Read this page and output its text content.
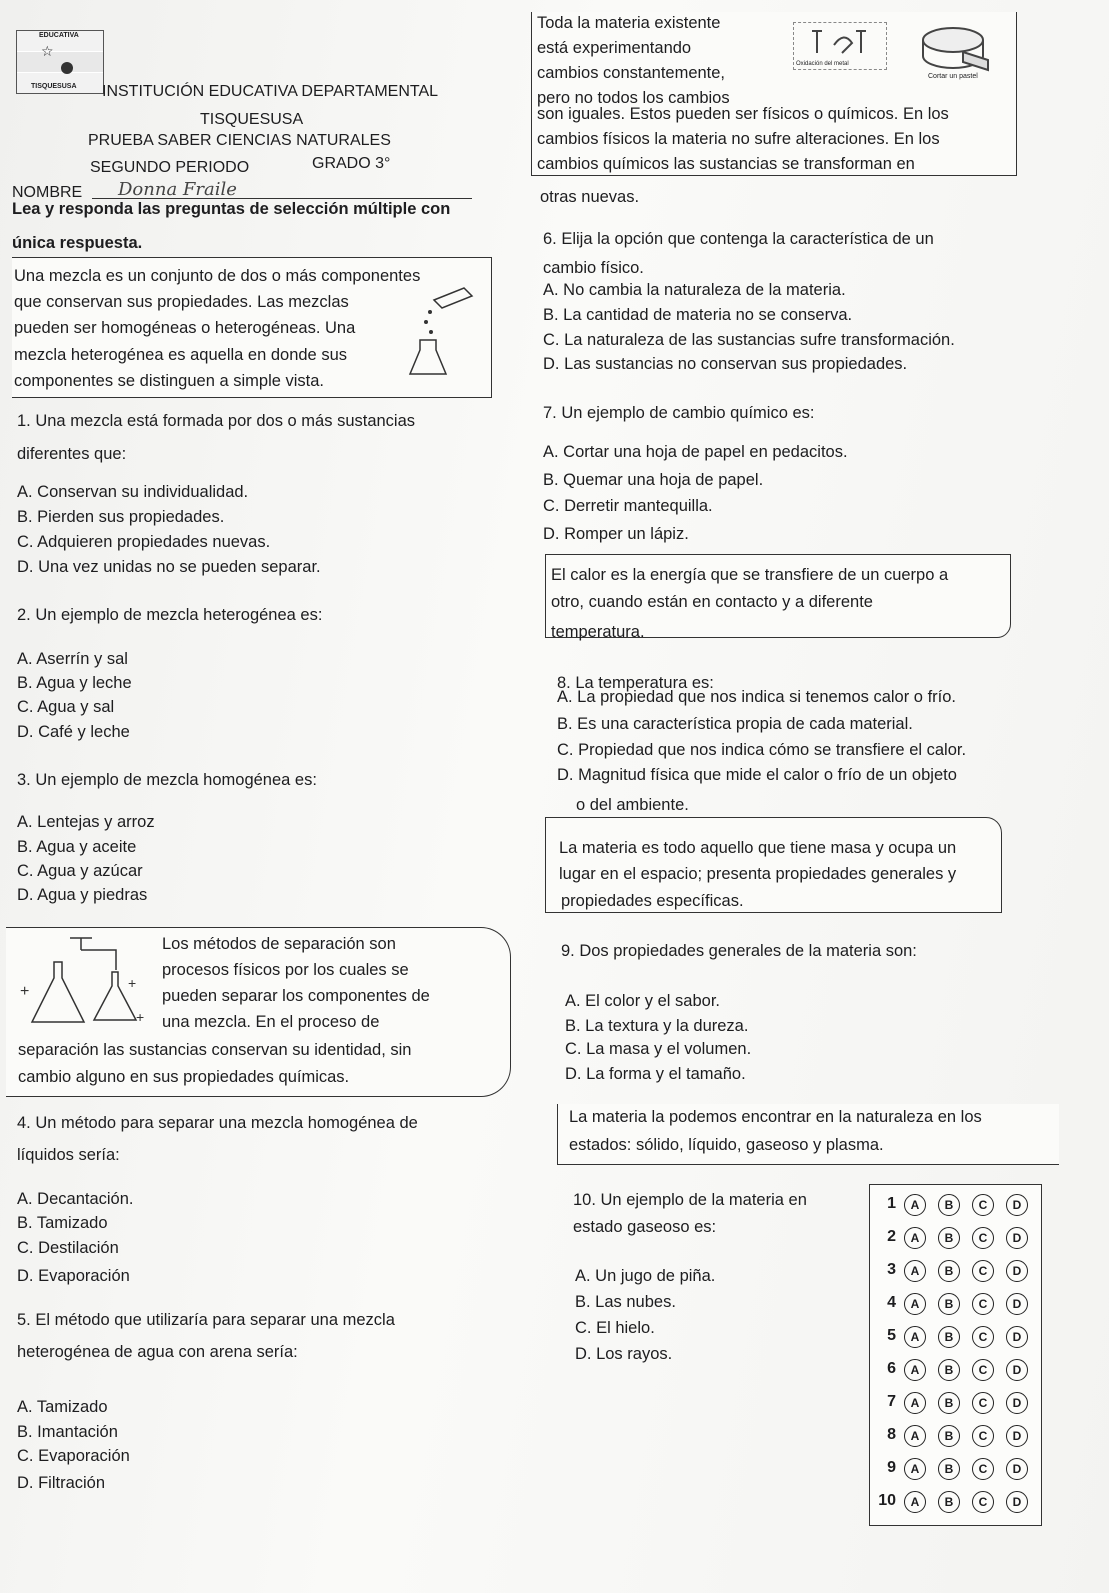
EDUCATIVA
TISQUESUSA
☆
INSTITUCIÓN EDUCATIVA DEPARTAMENTAL
TISQUESUSA
PRUEBA SABER CIENCIAS NATURALES
SEGUNDO PERIODO	GRADO 3°
NOMBRE Donna Fraile
Lea y responda las preguntas de selección múltiple con
única respuesta.
Toda la materia existente
está experimentando
cambios constantemente,
pero no todos los cambios
son iguales. Estos pueden ser físicos o químicos. En los
cambios físicos la materia no sufre alteraciones. En los
cambios químicos las sustancias se transforman en
otras nuevas.
Oxidación del metal
Cortar un pastel
Una mezcla es un conjunto de dos o más componentes
que conservan sus propiedades. Las mezclas
pueden ser homogéneas o heterogéneas. Una
mezcla heterogénea es aquella en donde sus
componentes se distinguen a simple vista.
1. Una mezcla está formada por dos o más sustancias
diferentes que:
A. Conservan su individualidad.
B. Pierden sus propiedades.
C. Adquieren propiedades nuevas.
D. Una vez unidas no se pueden separar.
2. Un ejemplo de mezcla heterogénea es:
A. Aserrín y sal
B. Agua y leche
C. Agua y sal
D. Café y leche
3. Un ejemplo de mezcla homogénea es:
A. Lentejas y arroz
B. Agua y aceite
C. Agua y azúcar
D. Agua y piedras
+	+
+
Los métodos de separación son
procesos físicos por los cuales se
pueden separar los componentes de
una mezcla. En el proceso de
separación las sustancias conservan su identidad, sin
cambio alguno en sus propiedades químicas.
4. Un método para separar una mezcla homogénea de
líquidos sería:
A. Decantación.
B. Tamizado
C. Destilación
D. Evaporación
5. El método que utilizaría para separar una mezcla
heterogénea de agua con arena sería:
A. Tamizado
B. Imantación
C. Evaporación
D. Filtración
6. Elija la opción que contenga la característica de un
cambio físico.
A. No cambia la naturaleza de la materia.
B. La cantidad de materia no se conserva.
C. La naturaleza de las sustancias sufre transformación.
D. Las sustancias no conservan sus propiedades.
7. Un ejemplo de cambio químico es:
A. Cortar una hoja de papel en pedacitos.
B. Quemar una hoja de papel.
C. Derretir mantequilla.
D. Romper un lápiz.
El calor es la energía que se transfiere de un cuerpo a
otro, cuando están en contacto y a diferente
temperatura.
8. La temperatura es:
A. La propiedad que nos indica si tenemos calor o frío.
B. Es una característica propia de cada material.
C. Propiedad que nos indica cómo se transfiere el calor.
D. Magnitud física que mide el calor o frío de un objeto
o del ambiente.
La materia es todo aquello que tiene masa y ocupa un
lugar en el espacio; presenta propiedades generales y
propiedades específicas.
9. Dos propiedades generales de la materia son:
A. El color y el sabor.
B. La textura y la dureza.
C. La masa y el volumen.
D. La forma y el tamaño.
La materia la podemos encontrar en la naturaleza en los
estados: sólido, líquido, gaseoso y plasma.
10. Un ejemplo de la materia en
estado gaseoso es:
A. Un jugo de piña.
B. Las nubes.
C. El hielo.
D. Los rayos.
1	A	B	C	D
2	A	B	C	D
3	A	B	C	D
4	A	B	C	D
5	A	B	C	D
6	A	B	C	D
7	A	B	C	D
8	A	B	C	D
9	A	B	C	D
10	A	B	C	D
